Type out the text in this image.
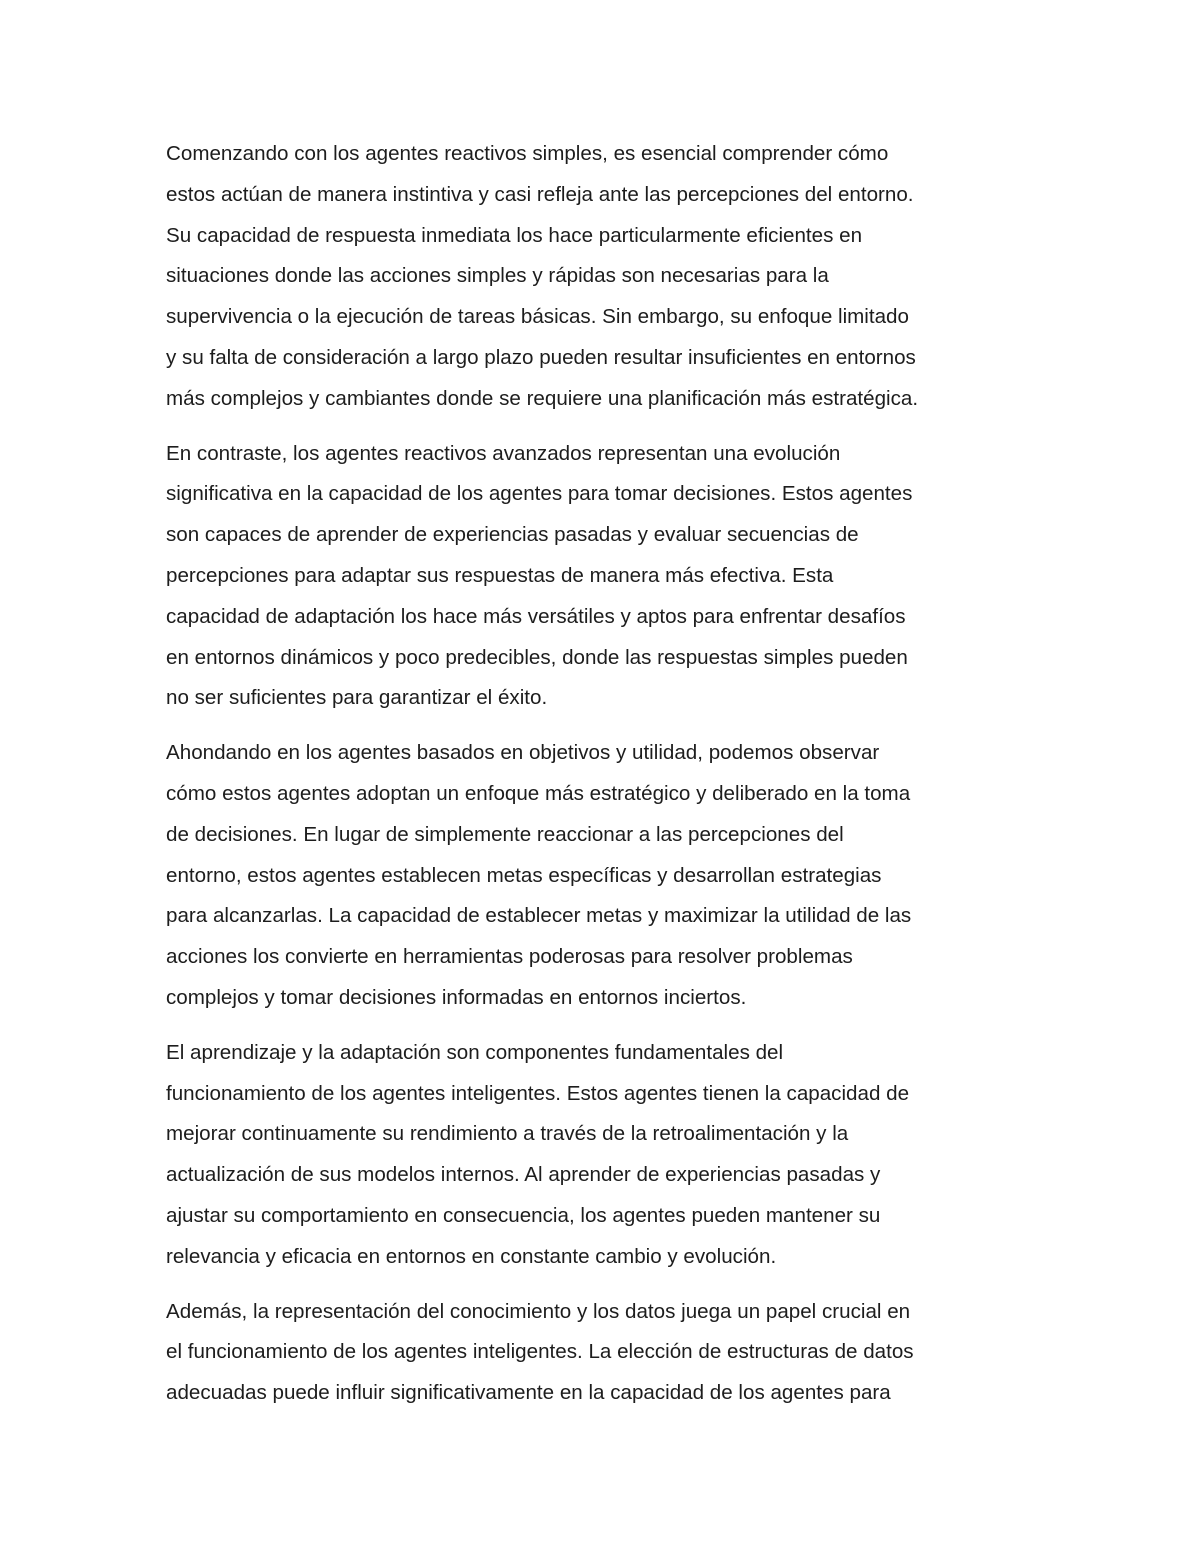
Comenzando con los agentes reactivos simples, es esencial comprender cómo
estos actúan de manera instintiva y casi refleja ante las percepciones del entorno.
Su capacidad de respuesta inmediata los hace particularmente eficientes en
situaciones donde las acciones simples y rápidas son necesarias para la
supervivencia o la ejecución de tareas básicas. Sin embargo, su enfoque limitado
y su falta de consideración a largo plazo pueden resultar insuficientes en entornos
más complejos y cambiantes donde se requiere una planificación más estratégica.

En contraste, los agentes reactivos avanzados representan una evolución
significativa en la capacidad de los agentes para tomar decisiones. Estos agentes
son capaces de aprender de experiencias pasadas y evaluar secuencias de
percepciones para adaptar sus respuestas de manera más efectiva. Esta
capacidad de adaptación los hace más versátiles y aptos para enfrentar desafíos
en entornos dinámicos y poco predecibles, donde las respuestas simples pueden
no ser suficientes para garantizar el éxito.

Ahondando en los agentes basados en objetivos y utilidad, podemos observar
cómo estos agentes adoptan un enfoque más estratégico y deliberado en la toma
de decisiones. En lugar de simplemente reaccionar a las percepciones del
entorno, estos agentes establecen metas específicas y desarrollan estrategias
para alcanzarlas. La capacidad de establecer metas y maximizar la utilidad de las
acciones los convierte en herramientas poderosas para resolver problemas
complejos y tomar decisiones informadas en entornos inciertos.

El aprendizaje y la adaptación son componentes fundamentales del
funcionamiento de los agentes inteligentes. Estos agentes tienen la capacidad de
mejorar continuamente su rendimiento a través de la retroalimentación y la
actualización de sus modelos internos. Al aprender de experiencias pasadas y
ajustar su comportamiento en consecuencia, los agentes pueden mantener su
relevancia y eficacia en entornos en constante cambio y evolución.

Además, la representación del conocimiento y los datos juega un papel crucial en
el funcionamiento de los agentes inteligentes. La elección de estructuras de datos
adecuadas puede influir significativamente en la capacidad de los agentes para
